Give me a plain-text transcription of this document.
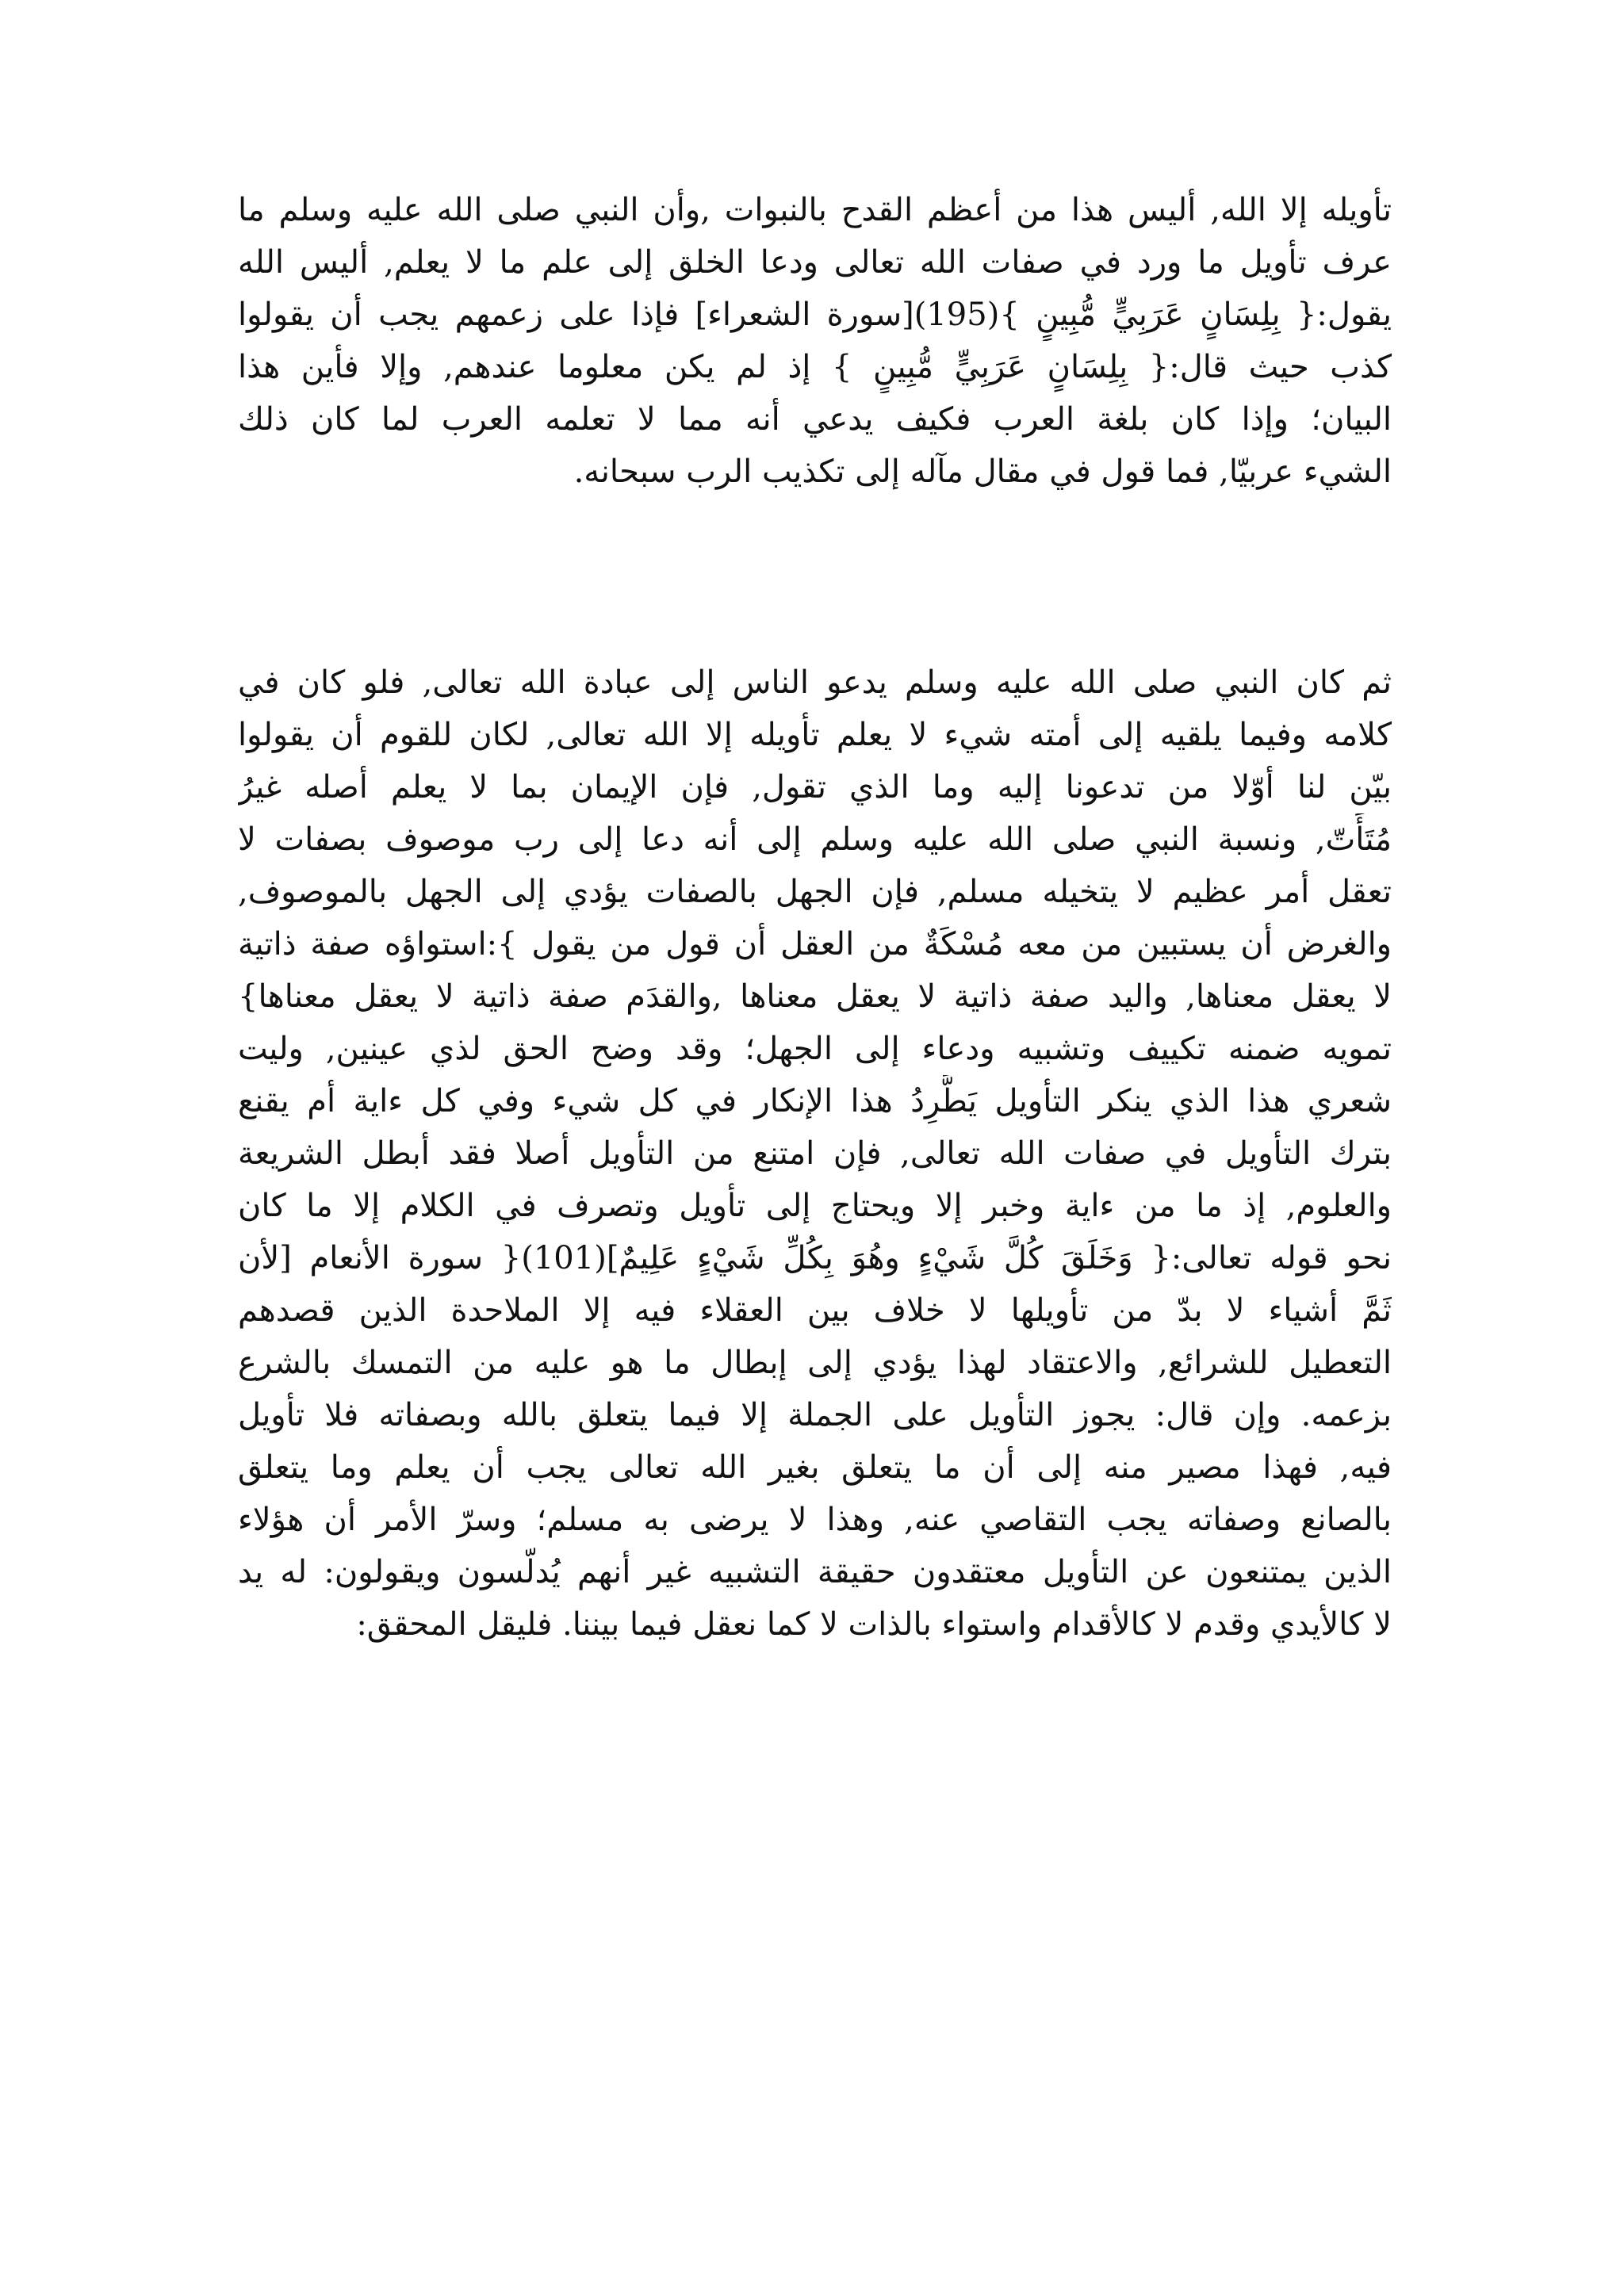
تأويله إلا الله, أليس هذا من أعظم القدح بالنبوات ,وأن النبي صلى الله عليه وسلم ما
عرف تأويل ما ورد في صفات الله تعالى ودعا الخلق إلى علم ما لا يعلم, أليس الله
يقول:{ بِلِسَانٍ عَرَبِيٍّ مُّبِينٍ }(195)[سورة الشعراء] فإذا على زعمهم يجب أن يقولوا
كذب حيث قال:{ بِلِسَانٍ عَرَبِيٍّ مُّبِينٍ } إذ لم يكن معلوما عندهم, وإلا فأين هذا
البيان؛ وإذا كان بلغة العرب فكيف يدعي أنه مما لا تعلمه العرب لما كان ذلك
الشيء عربيّا, فما قول في مقال مآله إلى تكذيب الرب سبحانه.
ثم كان النبي صلى الله عليه وسلم يدعو الناس إلى عبادة الله تعالى, فلو كان في
كلامه وفيما يلقيه إلى أمته شيء لا يعلم تأويله إلا الله تعالى, لكان للقوم أن يقولوا
بيّن لنا أوّلا من تدعونا إليه وما الذي تقول, فإن الإيمان بما لا يعلم أصله غيرُ
مُتَأَتّ, ونسبة النبي صلى الله عليه وسلم إلى أنه دعا إلى رب موصوف بصفات لا
تعقل أمر عظيم لا يتخيله مسلم, فإن الجهل بالصفات يؤدي إلى الجهل بالموصوف,
والغرض أن يستبين من معه مُسْكَةٌ من العقل أن قول من يقول }:استواؤه صفة ذاتية
لا يعقل معناها, واليد صفة ذاتية لا يعقل معناها ,والقدَم صفة ذاتية لا يعقل معناها}
تمويه ضمنه تكييف وتشبيه ودعاء إلى الجهل؛ وقد وضح الحق لذي عينين, وليت
شعري هذا الذي ينكر التأويل يَطَّرِدُ هذا الإنكار في كل شيء وفي كل ءاية أم يقنع
بترك التأويل في صفات الله تعالى, فإن امتنع من التأويل أصلا فقد أبطل الشريعة
والعلوم, إذ ما من ءاية وخبر إلا ويحتاج إلى تأويل وتصرف في الكلام إلا ما كان
نحو قوله تعالى:{ وَخَلَقَ كُلَّ شَيْءٍ وهُوَ بِكُلِّ شَيْءٍ عَلِيمٌ](101){ سورة الأنعام [لأن
ثَمَّ أشياء لا بدّ من تأويلها لا خلاف بين العقلاء فيه إلا الملاحدة الذين قصدهم
التعطيل للشرائع, والاعتقاد لهذا يؤدي إلى إبطال ما هو عليه من التمسك بالشرع
بزعمه. وإن قال: يجوز التأويل على الجملة إلا فيما يتعلق بالله وبصفاته فلا تأويل
فيه, فهذا مصير منه إلى أن ما يتعلق بغير الله تعالى يجب أن يعلم وما يتعلق
بالصانع وصفاته يجب التقاصي عنه, وهذا لا يرضى به مسلم؛ وسرّ الأمر أن هؤلاء
الذين يمتنعون عن التأويل معتقدون حقيقة التشبيه غير أنهم يُدلّسون ويقولون: له يد
لا كالأيدي وقدم لا كالأقدام واستواء بالذات لا كما نعقل فيما بيننا. فليقل المحقق:
